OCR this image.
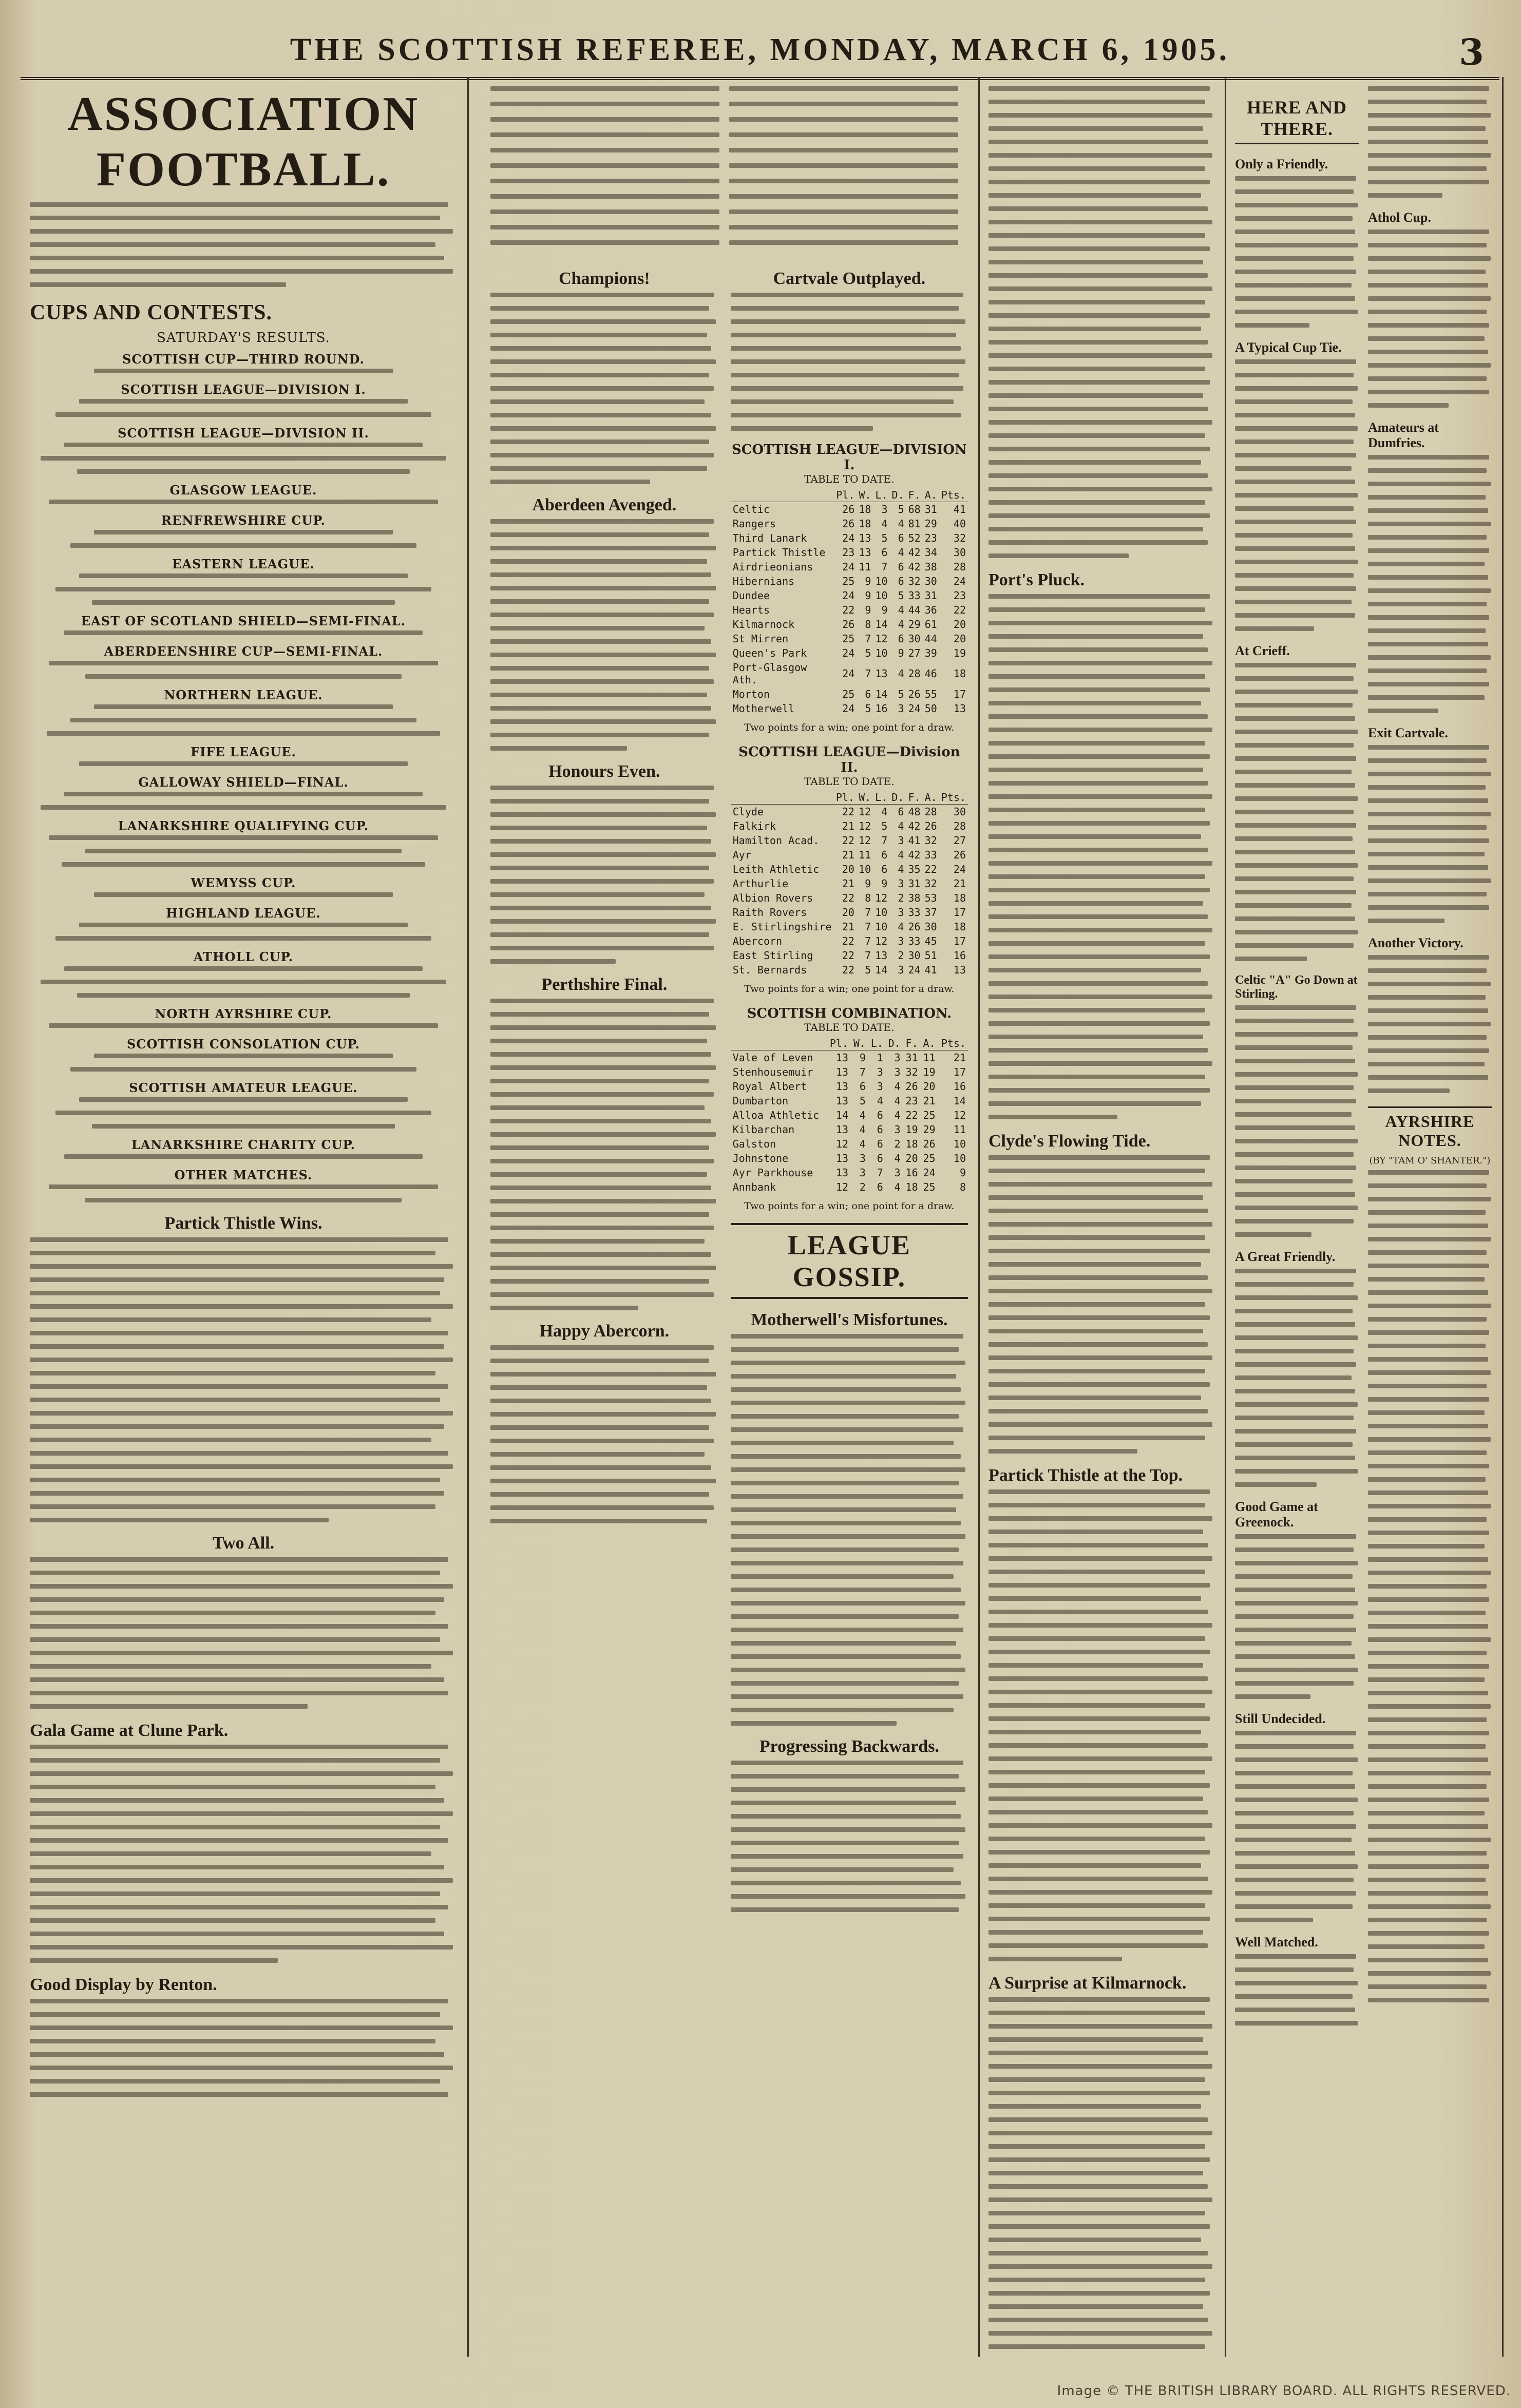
THE SCOTTISH REFEREE, MONDAY, MARCH 6, 1905.	3
ASSOCIATION FOOTBALL.
CUPS AND CONTESTS.
SATURDAY'S RESULTS.
SCOTTISH CUP—THIRD ROUND.
SCOTTISH LEAGUE—DIVISION I.
SCOTTISH LEAGUE—DIVISION II.
GLASGOW LEAGUE.
RENFREWSHIRE CUP.
EASTERN LEAGUE.
EAST OF SCOTLAND SHIELD—SEMI-FINAL.
ABERDEENSHIRE CUP—SEMI-FINAL.
NORTHERN LEAGUE.
FIFE LEAGUE.
GALLOWAY SHIELD—FINAL.
LANARKSHIRE QUALIFYING CUP.
WEMYSS CUP.
HIGHLAND LEAGUE.
ATHOLL CUP.
NORTH AYRSHIRE CUP.
SCOTTISH CONSOLATION CUP.
SCOTTISH AMATEUR LEAGUE.
LANARKSHIRE CHARITY CUP.
OTHER MATCHES.
Partick Thistle Wins.
Two All.
Gala Game at Clune Park.
Good Display by Renton.

Champions!
Aberdeen Avenged.
Honours Even.
Perthshire Final.
Happy Abercorn.
Cartvale Outplayed.
SCOTTISH LEAGUE—DIVISION I.
TABLE TO DATE.
	Pl.	W.	L.	D.	F.	A.	Pts.
Celtic	26	18	3	5	68	31	41
Rangers	26	18	4	4	81	29	40
Third Lanark	24	13	5	6	52	23	32
Partick Thistle	23	13	6	4	42	34	30
Airdrieonians	24	11	7	6	42	38	28
Hibernians	25	9	10	6	32	30	24
Dundee	24	9	10	5	33	31	23
Hearts	22	9	9	4	44	36	22
Kilmarnock	26	8	14	4	29	61	20
St Mirren	25	7	12	6	30	44	20
Queen's Park	24	5	10	9	27	39	19
Port-Glasgow Ath.	24	7	13	4	28	46	18
Morton	25	6	14	5	26	55	17
Motherwell	24	5	16	3	24	50	13
Two points for a win; one point for a draw.
SCOTTISH LEAGUE—Division II.
TABLE TO DATE.
	Pl.	W.	L.	D.	F.	A.	Pts.
Clyde	22	12	4	6	48	28	30
Falkirk	21	12	5	4	42	26	28
Hamilton Acad.	22	12	7	3	41	32	27
Ayr	21	11	6	4	42	33	26
Leith Athletic	20	10	6	4	35	22	24
Arthurlie	21	9	9	3	31	32	21
Albion Rovers	22	8	12	2	38	53	18
Raith Rovers	20	7	10	3	33	37	17
E. Stirlingshire	21	7	10	4	26	30	18
Abercorn	22	7	12	3	33	45	17
East Stirling	22	7	13	2	30	51	16
St. Bernards	22	5	14	3	24	41	13
Two points for a win; one point for a draw.
SCOTTISH COMBINATION.
TABLE TO DATE.
	Pl.	W.	L.	D.	F.	A.	Pts.
Vale of Leven	13	9	1	3	31	11	21
Stenhousemuir	13	7	3	3	32	19	17
Royal Albert	13	6	3	4	26	20	16
Dumbarton	13	5	4	4	23	21	14
Alloa Athletic	14	4	6	4	22	25	12
Kilbarchan	13	4	6	3	19	29	11
Galston	12	4	6	2	18	26	10
Johnstone	13	3	6	4	20	25	10
Ayr Parkhouse	13	3	7	3	16	24	9
Annbank	12	2	6	4	18	25	8
Two points for a win; one point for a draw.
LEAGUE GOSSIP.
Motherwell's Misfortunes.
Progressing Backwards.
Port's Pluck.
Clyde's Flowing Tide.
Partick Thistle at the Top.
A Surprise at Kilmarnock.
HERE AND THERE.
Only a Friendly.
A Typical Cup Tie.
At Crieff.
Celtic "A" Go Down at Stirling.
A Great Friendly.
Good Game at Greenock.
Still Undecided.
Well Matched.
Athol Cup.
Amateurs at Dumfries.
Exit Cartvale.
Another Victory.
AYRSHIRE NOTES.
(BY "TAM O' SHANTER.")
Image © THE BRITISH LIBRARY BOARD. ALL RIGHTS RESERVED.
